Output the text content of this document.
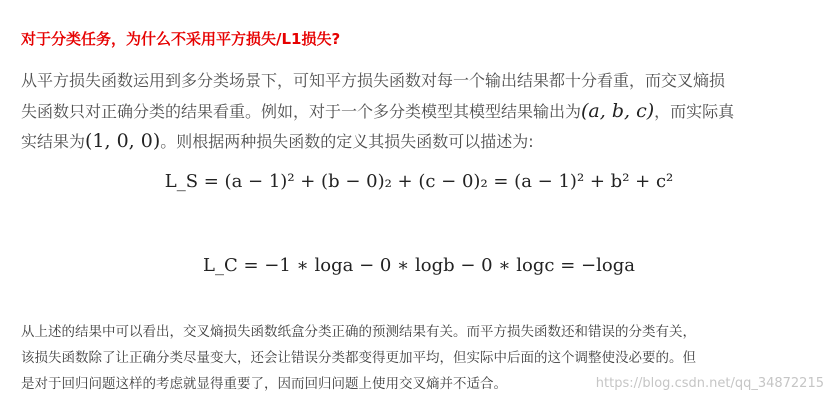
对于分类任务，为什么不采用平方损失/L1损失?
从平方损失函数运用到多分类场景下，可知平方损失函数对每一个输出结果都十分看重，而交叉熵损
失函数只对正确分类的结果看重。例如，对于一个多分类模型其模型结果输出为(a, b, c)，而实际真
实结果为(1, 0, 0)。则根据两种损失函数的定义其损失函数可以描述为:
L_S = (a − 1)² + (b − 0)₂ + (c − 0)₂ = (a − 1)² + b² + c²
L_C = −1 ∗ loga − 0 ∗ logb − 0 ∗ logc = −loga
从上述的结果中可以看出，交叉熵损失函数纸盒分类正确的预测结果有关。而平方损失函数还和错误的分类有关，
该损失函数除了让正确分类尽量变大，还会让错误分类都变得更加平均，但实际中后面的这个调整使没必要的。但
是对于回归问题这样的考虑就显得重要了，因而回归问题上使用交叉熵并不适合。	https://blog.csdn.net/qq_34872215
